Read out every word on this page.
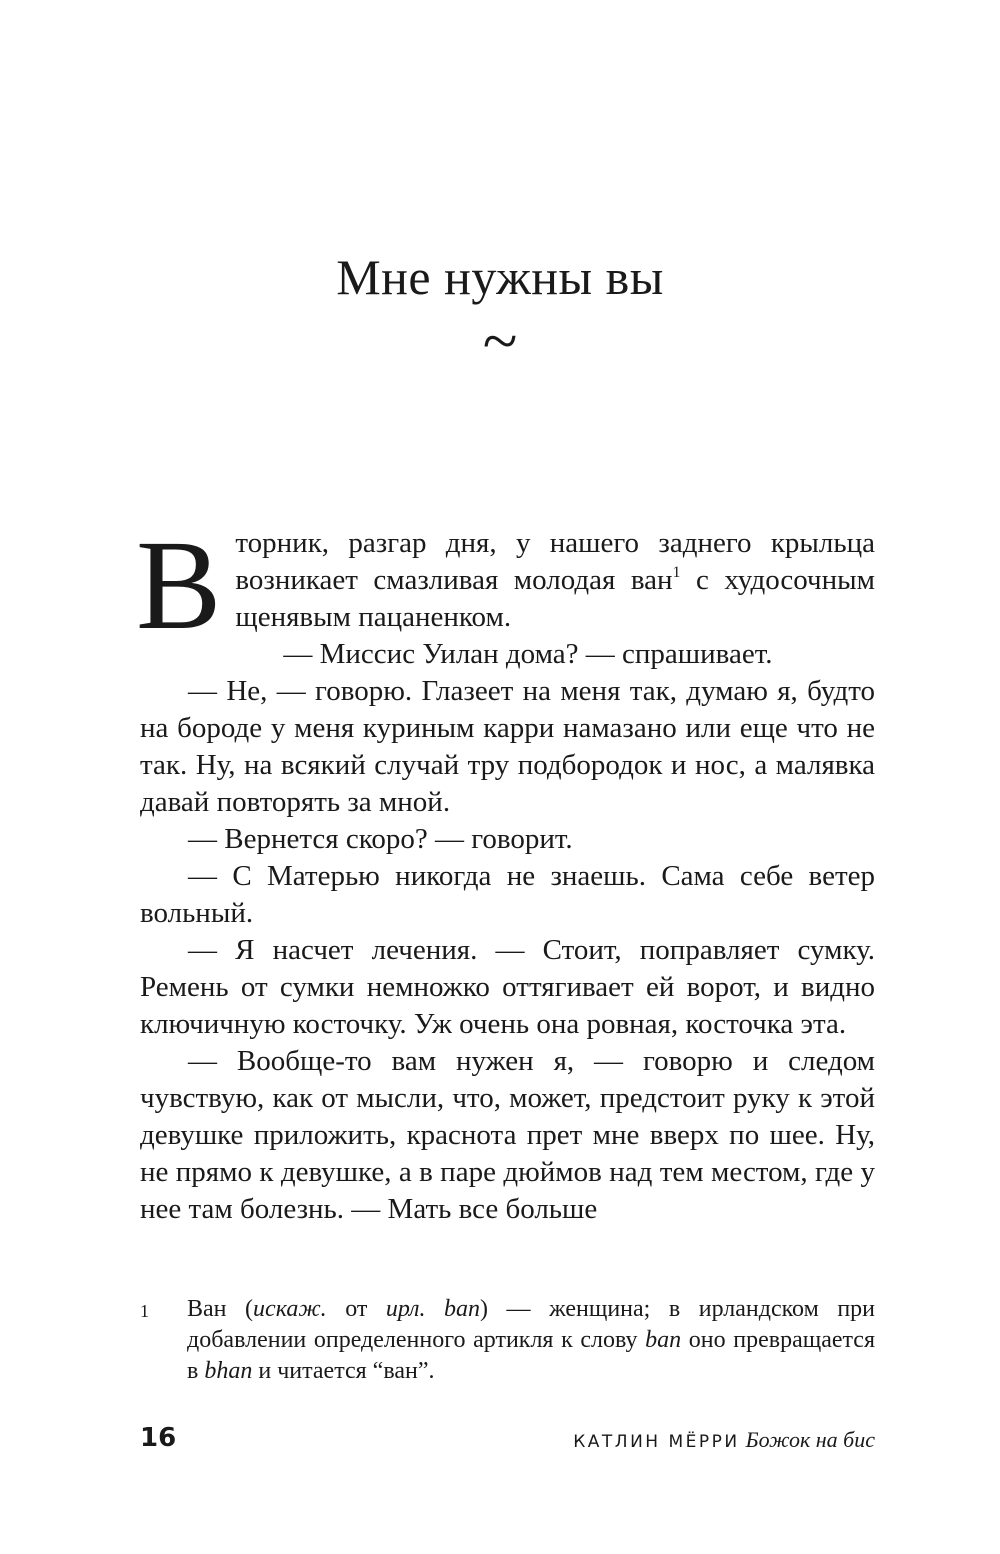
Мне нужны вы
~

Вторник, разгар дня, у нашего заднего крыльца возникает смазливая молодая ван$^1$ с худосочным щенявым пацаненком.

— Миссис Уилан дома? — спрашивает.

— Не, — говорю. Глазеет на меня так, думаю я, будто на бороде у меня куриным карри намазано или еще что не так. Ну, на всякий случай тру подбородок и нос, а малявка давай повторять за мной.

— Вернется скоро? — говорит.

— С Матерью никогда не знаешь. Сама себе ветер вольный.

— Я насчет лечения. — Стоит, поправляет сумку. Ремень от сумки немножко оттягивает ей ворот, и видно ключичную косточку. Уж очень она ровная, косточка эта.

— Вообще-то вам нужен я, — говорю и следом чувствую, как от мысли, что, может, предстоит руку к этой девушке приложить, краснота прет мне вверх по шее. Ну, не прямо к девушке, а в паре дюймов над тем местом, где у нее там болезнь. — Мать все больше

1 Ван (искаж. от ирл. ban) — женщина; в ирландском при добавлении определенного артикля к слову ban оно превращается в bhan и читается “ван”.
16	КАТЛИН МЁРРИ Божок на бис
